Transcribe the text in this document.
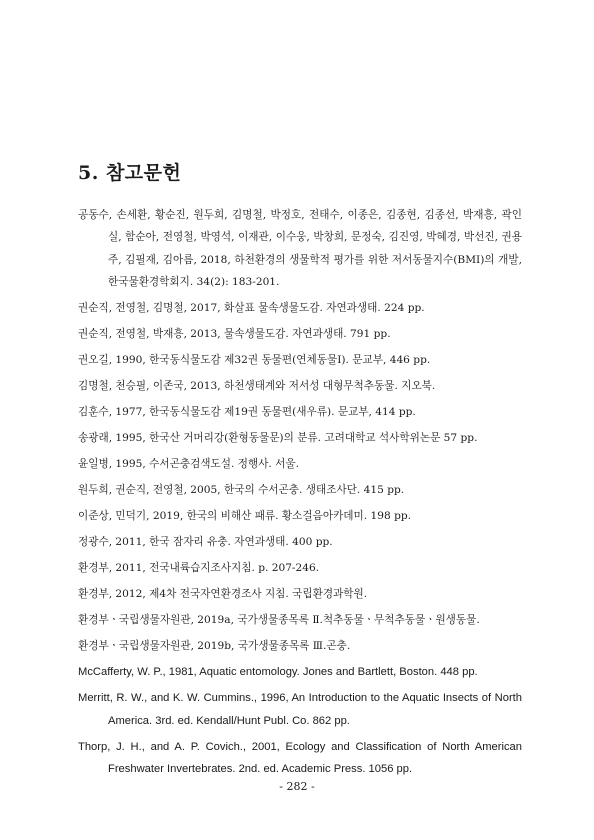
5. 참고문헌
공동수, 손세환, 황순진, 원두희, 김명철, 박정호, 전태수, 이종은, 김종현, 김종선, 박재흥, 곽인실, 함순아, 전영철, 박영석, 이재관, 이수웅, 박창희, 문정숙, 김진영, 박혜경, 박선진, 권용주, 김필재, 김아름, 2018, 하천환경의 생물학적 평가를 위한 저서동물지수(BMI)의 개발, 한국물환경학회지. 34(2): 183-201.
권순직, 전영철, 김명철, 2017, 화살표 물속생물도감. 자연과생태. 224 pp.
권순직, 전영철, 박재흥, 2013, 물속생물도감. 자연과생태. 791 pp.
권오길, 1990, 한국동식물도감 제32권 동물편(연체동물Ⅰ). 문교부, 446 pp.
김명철, 천승필, 이존국, 2013, 하천생태계와 저서성 대형무척추동물. 지오북.
김훈수, 1977, 한국동식물도감 제19권 동물편(새우류). 문교부, 414 pp.
송광래, 1995, 한국산 거머리강(환형동물문)의 분류. 고려대학교 석사학위논문 57 pp.
윤일병, 1995, 수서곤충검색도설. 정행사. 서울.
원두희, 권순직, 전영철, 2005, 한국의 수서곤충. 생태조사단. 415 pp.
이준상, 민덕기, 2019, 한국의 비해산 패류. 황소걸음아카데미. 198 pp.
정광수, 2011, 한국 잠자리 유충. 자연과생태. 400 pp.
환경부, 2011, 전국내륙습지조사지침. p. 207-246.
환경부, 2012, 제4차 전국자연환경조사 지침. 국립환경과학원.
환경부ㆍ국립생물자원관, 2019a, 국가생물종목록 Ⅱ.척추동물ㆍ무척추동물ㆍ원생동물.
환경부ㆍ국립생물자원관, 2019b, 국가생물종목록 Ⅲ.곤충.
McCafferty, W. P., 1981, Aquatic entomology. Jones and Bartlett, Boston. 448 pp.
Merritt, R. W., and K. W. Cummins., 1996, An Introduction to the Aquatic Insects of North America. 3rd. ed. Kendall/Hunt Publ. Co. 862 pp.
Thorp, J. H., and A. P. Covich., 2001, Ecology and Classification of North American Freshwater Invertebrates. 2nd. ed. Academic Press. 1056 pp.
- 282 -
